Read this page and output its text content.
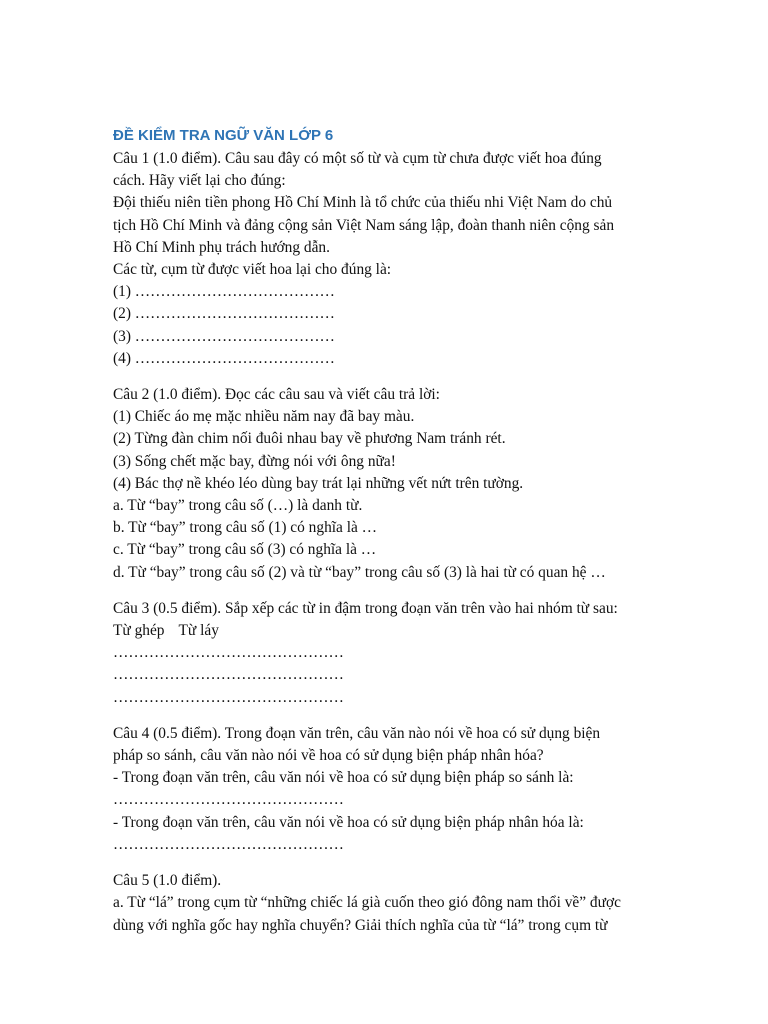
ĐỀ KIỂM TRA NGỮ VĂN LỚP 6

Câu 1 (1.0 điểm). Câu sau đây có một số từ và cụm từ chưa được viết hoa đúng

cách. Hãy viết lại cho đúng:

Đội thiếu niên tiền phong Hồ Chí Minh là tổ chức của thiếu nhi Việt Nam do chủ

tịch Hồ Chí Minh và đảng cộng sản Việt Nam sáng lập, đoàn thanh niên cộng sản

Hồ Chí Minh phụ trách hướng dẫn.

Các từ, cụm từ được viết hoa lại cho đúng là:

(1) …………………………………

(2) …………………………………

(3) …………………………………

(4) …………………………………

Câu 2 (1.0 điểm). Đọc các câu sau và viết câu trả lời:

(1) Chiếc áo mẹ mặc nhiều năm nay đã bay màu.

(2) Từng đàn chim nối đuôi nhau bay về phương Nam tránh rét.

(3) Sống chết mặc bay, đừng nói với ông nữa!

(4) Bác thợ nề khéo léo dùng bay trát lại những vết nứt trên tường.

a. Từ “bay” trong câu số (…) là danh từ.

b. Từ “bay” trong câu số (1) có nghĩa là …

c. Từ “bay” trong câu số (3) có nghĩa là …

d. Từ “bay” trong câu số (2) và từ “bay” trong câu số (3) là hai từ có quan hệ …

Câu 3 (0.5 điểm). Sắp xếp các từ in đậm trong đoạn văn trên vào hai nhóm từ sau:

Từ ghép Từ láy

………………………………………

………………………………………

………………………………………

Câu 4 (0.5 điểm). Trong đoạn văn trên, câu văn nào nói về hoa có sử dụng biện

pháp so sánh, câu văn nào nói về hoa có sử dụng biện pháp nhân hóa?

- Trong đoạn văn trên, câu văn nói về hoa có sử dụng biện pháp so sánh là:

………………………………………

- Trong đoạn văn trên, câu văn nói về hoa có sử dụng biện pháp nhân hóa là:

………………………………………

Câu 5 (1.0 điểm).

a. Từ “lá” trong cụm từ “những chiếc lá già cuốn theo gió đông nam thổi về” được

dùng với nghĩa gốc hay nghĩa chuyển? Giải thích nghĩa của từ “lá” trong cụm từ
